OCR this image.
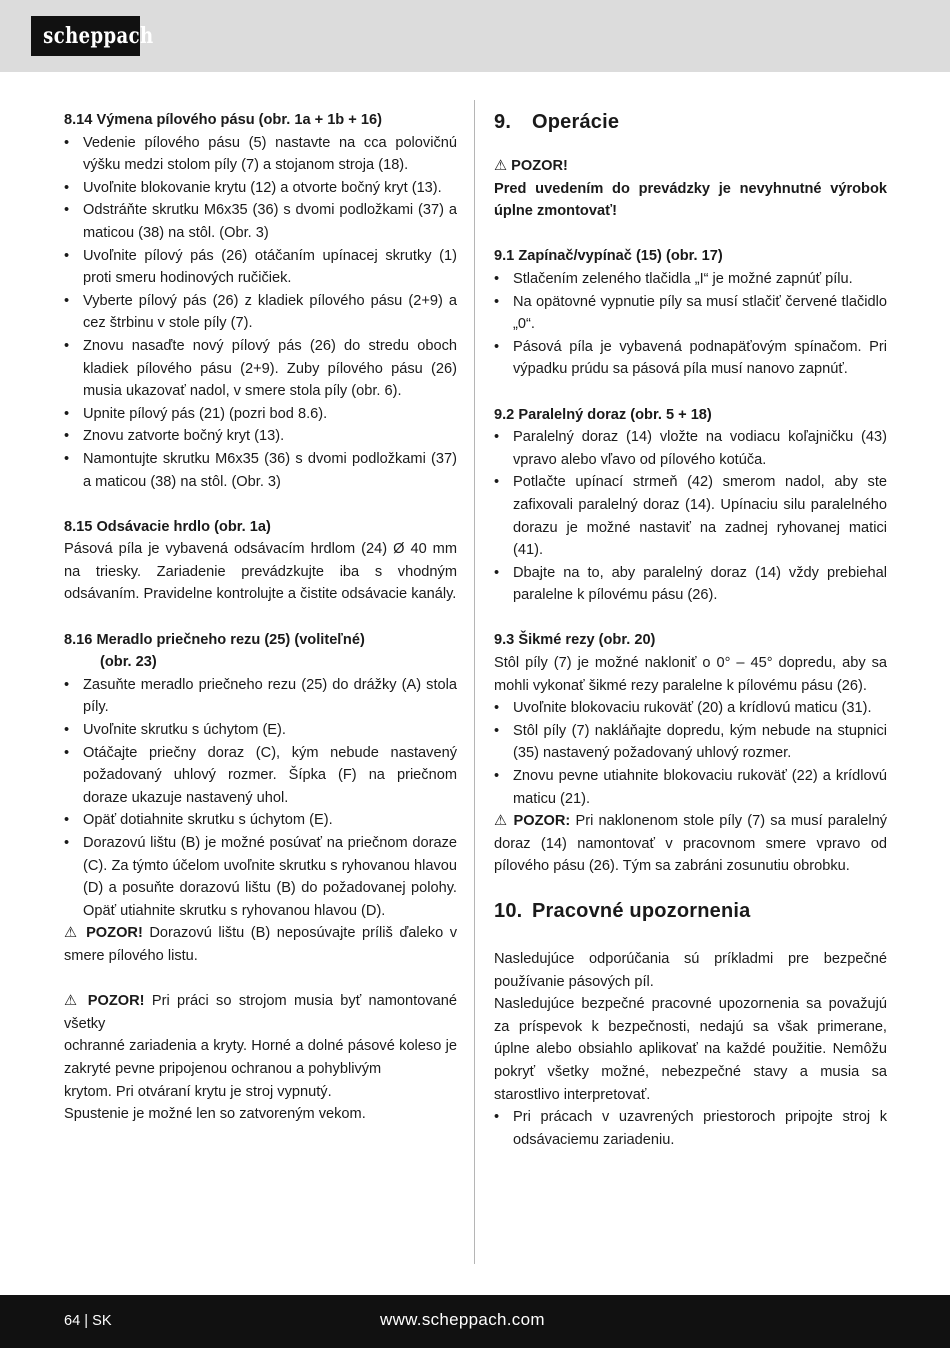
scheppach
8.14 Výmena pílového pásu (obr. 1a + 1b + 16)
• Vedenie pílového pásu (5) nastavte na cca polovičnú výšku medzi stolom píly (7) a stojanom stroja (18).
• Uvoľnite blokovanie krytu (12) a otvorte bočný kryt (13).
• Odstráňte skrutku M6x35 (36) s dvomi podložkami (37) a maticou (38) na stôl. (Obr. 3)
• Uvoľnite pílový pás (26) otáčaním upínacej skrutky (1) proti smeru hodinových ručičiek.
• Vyberte pílový pás (26) z kladiek pílového pásu (2+9) a cez štrbinu v stole píly (7).
• Znovu nasaďte nový pílový pás (26) do stredu oboch kladiek pílového pásu (2+9). Zuby pílového pásu (26) musia ukazovať nadol, v smere stola píly (obr. 6).
• Upnite pílový pás (21) (pozri bod 8.6).
• Znovu zatvorte bočný kryt (13).
• Namontujte skrutku M6x35 (36) s dvomi podložkami (37) a maticou (38) na stôl. (Obr. 3)
8.15 Odsávacie hrdlo (obr. 1a)

Pásová píla je vybavená odsávacím hrdlom (24) Ø 40 mm na triesky. Zariadenie prevádzkujte iba s vhodným odsávaním. Pravidelne kontrolujte a čistite odsávacie kanály.

8.16 Meradlo priečneho rezu (25) (voliteľné)
(obr. 23)
• Zasuňte meradlo priečneho rezu (25) do drážky (A) stola píly.
• Uvoľnite skrutku s úchytom (E).
• Otáčajte priečny doraz (C), kým nebude nastavený požadovaný uhlový rozmer. Šípka (F) na priečnom doraze ukazuje nastavený uhol.
• Opäť dotiahnite skrutku s úchytom (E).
• Dorazovú lištu (B) je možné posúvať na priečnom doraze (C). Za týmto účelom uvoľnite skrutku s ryhovanou hlavou (D) a posuňte dorazovú lištu (B) do požadovanej polohy. Opäť utiahnite skrutku s ryhovanou hlavou (D).

⚠ POZOR! Dorazovú lištu (B) neposúvajte príliš ďaleko v smere pílového listu.

⚠ POZOR! Pri práci so strojom musia byť namontované všetky

ochranné zariadenia a kryty. Horné a dolné pásové koleso je zakryté pevne pripojenou ochranou a pohyblivým

krytom. Pri otváraní krytu je stroj vypnutý.

Spustenie je možné len so zatvoreným vekom.

9. Operácie
⚠ POZOR!

Pred uvedením do prevádzky je nevyhnutné výrobok úplne zmontovať!

9.1 Zapínač/vypínač (15) (obr. 17)
• Stlačením zeleného tlačidla „I“ je možné zapnúť pílu.
• Na opätovné vypnutie píly sa musí stlačiť červené tlačidlo „0“.
• Pásová píla je vybavená podnapäťovým spínačom. Pri výpadku prúdu sa pásová píla musí nanovo zapnúť.
9.2 Paralelný doraz (obr. 5 + 18)
• Paralelný doraz (14) vložte na vodiacu koľajničku (43) vpravo alebo vľavo od pílového kotúča.
• Potlačte upínací strmeň (42) smerom nadol, aby ste zafixovali paralelný doraz (14). Upínaciu silu paralelného dorazu je možné nastaviť na zadnej ryhovanej matici (41).
• Dbajte na to, aby paralelný doraz (14) vždy prebiehal paralelne k pílovému pásu (26).
9.3 Šikmé rezy (obr. 20)

Stôl píly (7) je možné nakloniť o 0° – 45° dopredu, aby sa mohli vykonať šikmé rezy paralelne k pílovému pásu (26).

• Uvoľnite blokovaciu rukoväť (20) a krídlovú maticu (31).
• Stôl píly (7) nakláňajte dopredu, kým nebude na stupnici (35) nastavený požadovaný uhlový rozmer.
• Znovu pevne utiahnite blokovaciu rukoväť (22) a krídlovú maticu (21).

⚠ POZOR: Pri naklonenom stole píly (7) sa musí paralelný doraz (14) namontovať v pracovnom smere vpravo od pílového pásu (26). Tým sa zabráni zosunutiu obrobku.

10. Pracovné upozornenia

Nasledujúce odporúčania sú príkladmi pre bezpečné používanie pásových píl.

Nasledujúce bezpečné pracovné upozornenia sa považujú za príspevok k bezpečnosti, nedajú sa však primerane, úplne alebo obsiahlo aplikovať na každé použitie. Nemôžu pokryť všetky možné, nebezpečné stavy a musia sa starostlivo interpretovať.

• Pri prácach v uzavrených priestoroch pripojte stroj k odsávaciemu zariadeniu.
64 | SK	www.scheppach.com
